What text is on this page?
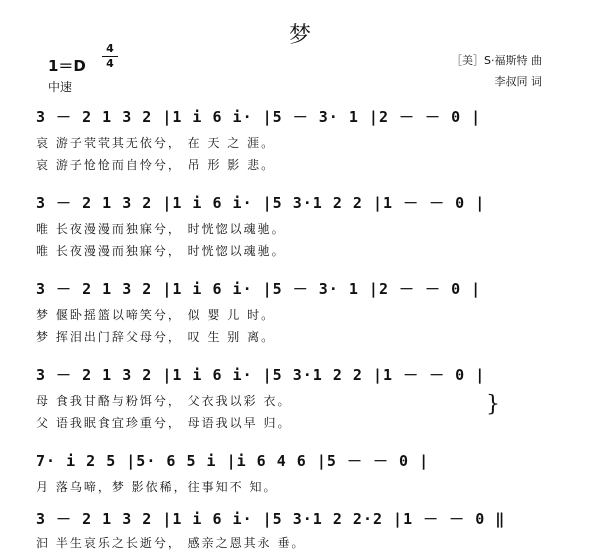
梦
1＝D
4
4
中速
［美］S·福斯特 曲
李叔同 词
3 － 2 1 3 2 |1 i 6 i· |5 － 3· 1 |2 － － 0 |
哀 游子茕茕其无依兮， 在 天 之 涯。
哀 游子怆怆而自怜兮， 吊 形 影 悲。
3 － 2 1 3 2 |1 i 6 i· |5 3·1 2 2 |1 － － 0 |
唯 长夜漫漫而独寐兮， 时恍惚以魂驰。
唯 长夜漫漫而独寐兮， 时恍惚以魂驰。
3 － 2 1 3 2 |1 i 6 i· |5 － 3· 1 |2 － － 0 |
梦 偃卧摇篮以啼笑兮， 似 婴 儿 时。
梦 挥泪出门辞父母兮， 叹 生 别 离。
3 － 2 1 3 2 |1 i 6 i· |5 3·1 2 2 |1 － － 0 |
母 食我甘酪与粉饵兮， 父衣我以彩 衣。
父 语我眠食宜珍重兮， 母语我以早 归。
}
7· i 2 5 |5· 6 5 i |i 6 4 6 |5 － － 0 |
月 落乌啼，梦 影依稀，往事知不 知。
3 － 2 1 3 2 |1 i 6 i· |5 3·1 2 2·2 |1 － － 0 ‖
汩 半生哀乐之长逝兮， 感亲之恩其永 垂。
